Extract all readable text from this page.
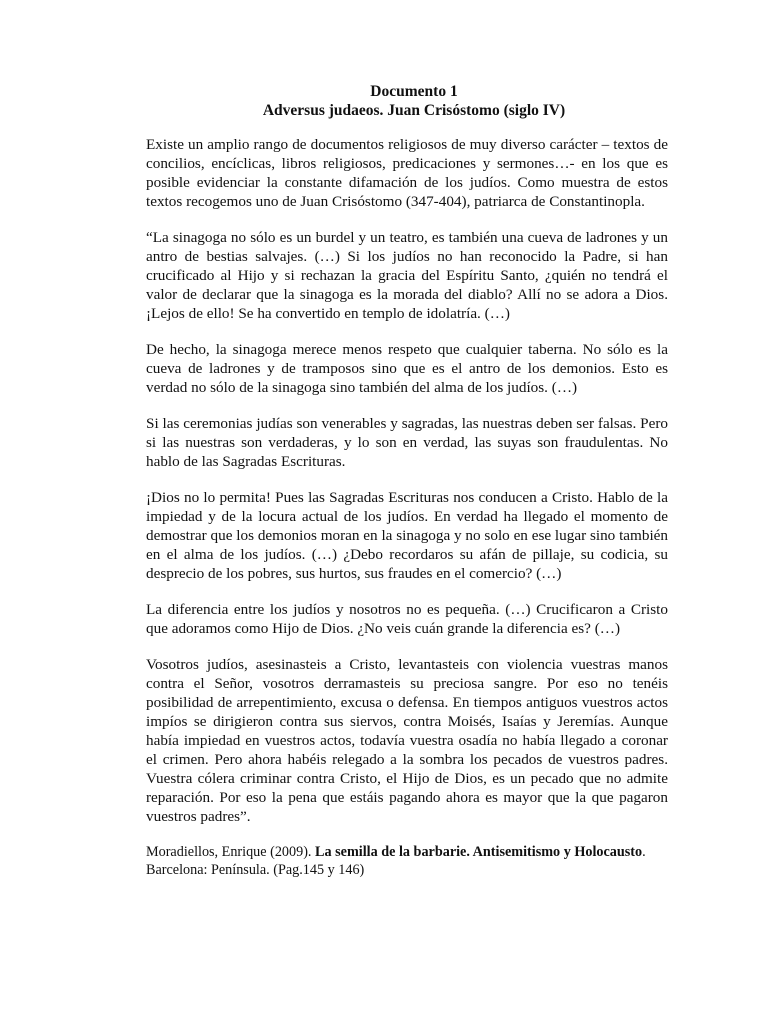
Documento 1
Adversus judaeos. Juan Crisóstomo (siglo IV)

Existe un amplio rango de documentos religiosos de muy diverso carácter – textos de concilios, encíclicas, libros religiosos, predicaciones y sermones…- en los que es posible evidenciar la constante difamación de los judíos. Como muestra de estos textos recogemos uno de Juan Crisóstomo (347-404), patriarca de Constantinopla.

“La sinagoga no sólo es un burdel y un teatro, es también una cueva de ladrones y un antro de bestias salvajes. (…) Si los judíos no han reconocido la Padre, si han crucificado al Hijo y si rechazan la gracia del Espíritu Santo, ¿quién no tendrá el valor de declarar que la sinagoga es la morada del diablo? Allí no se adora a Dios. ¡Lejos de ello! Se ha convertido en templo de idolatría. (…)

De hecho, la sinagoga merece menos respeto que cualquier taberna. No sólo es la cueva de ladrones y de tramposos sino que es el antro de los demonios. Esto es verdad no sólo de la sinagoga sino también del alma de los judíos. (…)

Si las ceremonias judías son venerables y sagradas, las nuestras deben ser falsas. Pero si las nuestras son verdaderas, y lo son en verdad, las suyas son fraudulentas. No hablo de las Sagradas Escrituras.

¡Dios no lo permita! Pues las Sagradas Escrituras nos conducen a Cristo. Hablo de la impiedad y de la locura actual de los judíos. En verdad ha llegado el momento de demostrar que los demonios moran en la sinagoga y no solo en ese lugar sino también en el alma de los judíos. (…) ¿Debo recordaros su afán de pillaje, su codicia, su desprecio de los pobres, sus hurtos, sus fraudes en el comercio? (…)

La diferencia entre los judíos y nosotros no es pequeña. (…) Crucificaron a Cristo que adoramos como Hijo de Dios. ¿No veis cuán grande la diferencia es? (…)

Vosotros judíos, asesinasteis a Cristo, levantasteis con violencia vuestras manos contra el Señor, vosotros derramasteis su preciosa sangre. Por eso no tenéis posibilidad de arrepentimiento, excusa o defensa. En tiempos antiguos vuestros actos impíos se dirigieron contra sus siervos, contra Moisés, Isaías y Jeremías. Aunque había impiedad en vuestros actos, todavía vuestra osadía no había llegado a coronar el crimen. Pero ahora habéis relegado a la sombra los pecados de vuestros padres. Vuestra cólera criminar contra Cristo, el Hijo de Dios, es un pecado que no admite reparación. Por eso la pena que estáis pagando ahora es mayor que la que pagaron vuestros padres”.

Moradiellos, Enrique (2009). La semilla de la barbarie. Antisemitismo y Holocausto.
Barcelona: Península. (Pag.145 y 146)
